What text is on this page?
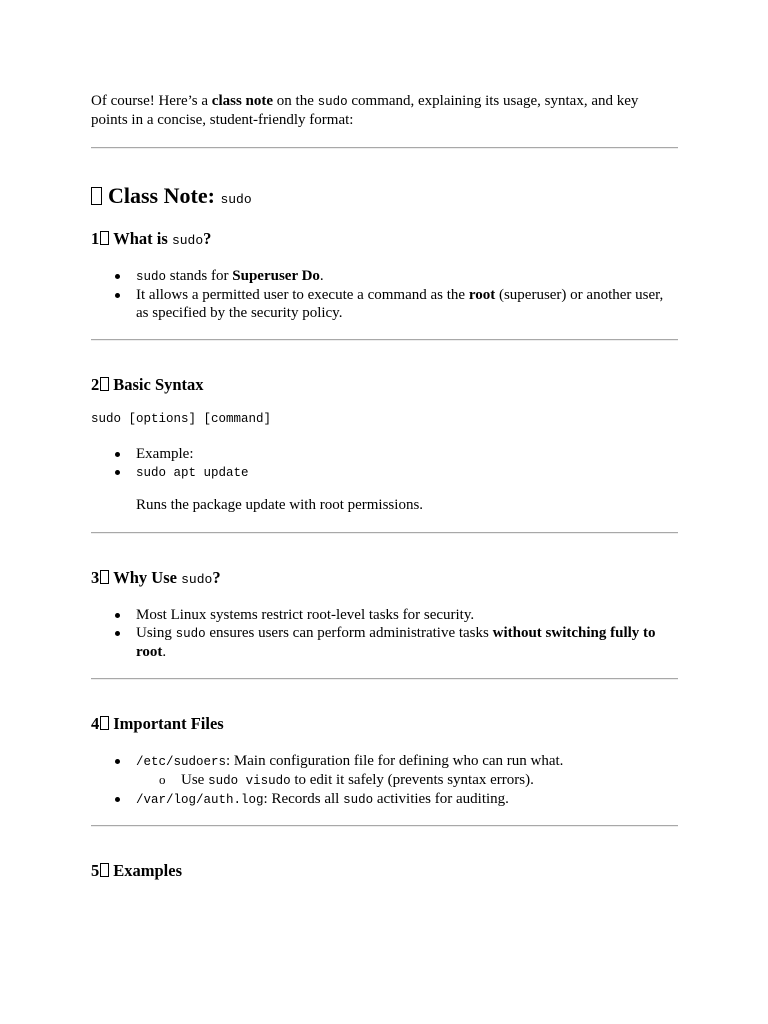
Of course! Here’s a class note on the sudo command, explaining its usage, syntax, and key points in a concise, student-friendly format:

Class Note: sudo
1 What is sudo?
sudo stands for Superuser Do.
It allows a permitted user to execute a command as the root (superuser) or another user, as specified by the security policy.
2 Basic Syntax

sudo [options] [command]

Example:
sudo apt update

Runs the package update with root permissions.

3 Why Use sudo?
Most Linux systems restrict root-level tasks for security.
Using sudo ensures users can perform administrative tasks without switching fully to root.
4 Important Files
/etc/sudoers: Main configuration file for defining who can run what.
o Use sudo visudo to edit it safely (prevents syntax errors).
/var/log/auth.log: Records all sudo activities for auditing.
5 Examples
